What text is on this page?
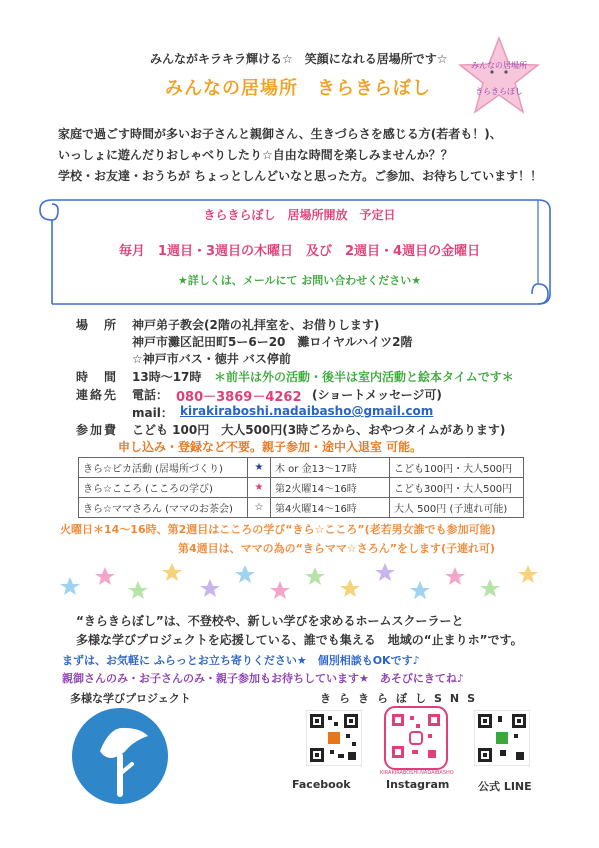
みんながキラキラ輝ける☆　笑顔になれる居場所です☆
みんなの居場所　きらきらぼし
みんなの居場所
きらきらぼし

家庭で過ごす時間が多いお子さんと親御さん、生きづらさを感じる方(若者も！)、

いっしょに遊んだりおしゃべりしたり☆自由な時間を楽しみませんか？？

学校・お友達・おうちが ちょっとしんどいなと思った方。ご参加、お待ちしています！！

きらきらぼし　居場所開放　予定日
毎月　1週目・3週目の木曜日　及び　2週目・4週目の金曜日
★詳しくは、メールにて お問い合わせください★
場　所 神戸弟子教会(2階の礼拝室を、お借りします)
神戸市灘区記田町5ー6ー20　灘ロイヤルハイツ2階
☆神戸市バス・徳井 バス停前
時　間 13時～17時 ＊前半は外の活動・後半は室内活動と絵本タイムです＊
連絡先 電話： 080－3869－4262 (ショートメッセージ可)
mail： kirakiraboshi.nadaibasho@gmail.com
参加費 こども 100円　大人500円(3時ごろから、おやつタイムがあります)
申し込み・登録など不要。親子参加・途中入退室 可能。
きら☆ピカ活動 (居場所づくり)	★	木 or 金13～17時	こども100円・大人500円
きら☆こころ (こころの学び)	★	第2火曜14～16時	こども300円・大人500円
きら☆ママさろん (ママのお茶会)	☆	第4火曜14～16時	大人 500円 (子連れ可能)
火曜日＊14～16時、第2週目はこころの学び“きら☆こころ”(老若男女誰でも参加可能)
第4週目は、ママの為の“きらママ☆さろん”をします(子連れ可)
“きらきらぼし”は、不登校や、新しい学びを求めるホームスクーラーと
多様な学びプロジェクトを応援している、誰でも集える　地域の“止まりホ”です。
まずは、お気軽に ふらっとお立ち寄りください★　個別相談もOKです♪
親御さんのみ・お子さんのみ・親子参加もお待ちしています★　あそびにきてね♪
多様な学びプロジェクト	きらきらぼしSNS
KIRAKIRABOSHI.NADAIBASHO
Facebook	Instagram	公式 LINE
